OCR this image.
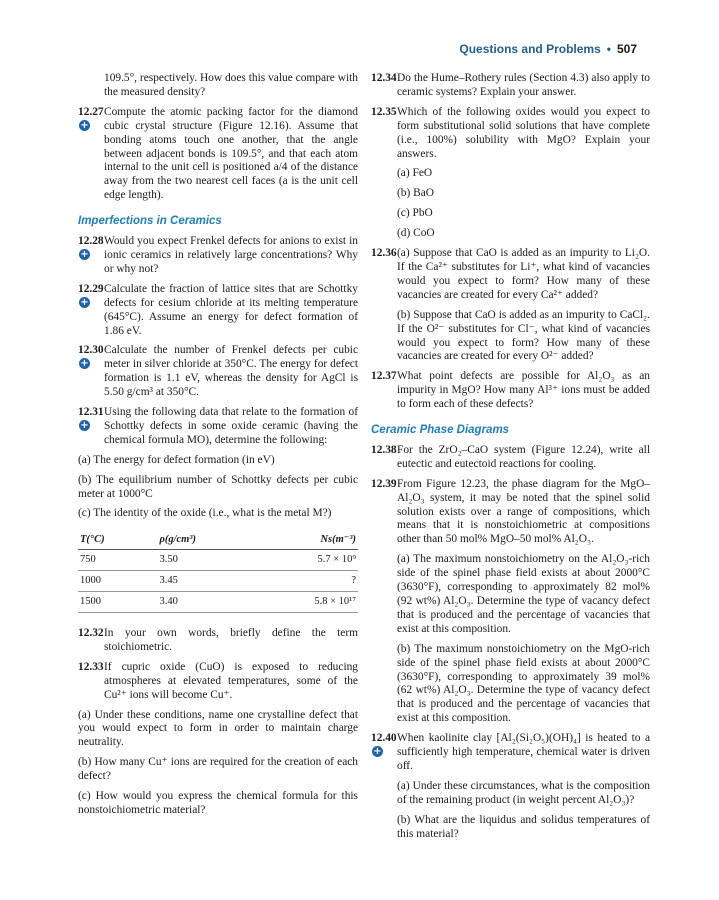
Questions and Problems • 507

109.5°, respectively. How does this value compare with the measured density?

12.27
+
Compute the atomic packing factor for the diamond cubic crystal structure (Figure 12.16). Assume that bonding atoms touch one another, that the angle between adjacent bonds is 109.5°, and that each atom internal to the unit cell is positioned a/4 of the distance away from the two nearest cell faces (a is the unit cell edge length).
Imperfections in Ceramics
12.28
+
Would you expect Frenkel defects for anions to exist in ionic ceramics in relatively large concentrations? Why or why not?
12.29
+
Calculate the fraction of lattice sites that are Schottky defects for cesium chloride at its melting temperature (645°C). Assume an energy for defect formation of 1.86 eV.
12.30
+
Calculate the number of Frenkel defects per cubic meter in silver chloride at 350°C. The energy for defect formation is 1.1 eV, whereas the density for AgCl is 5.50 g/cm³ at 350°C.
12.31
+
Using the following data that relate to the formation of Schottky defects in some oxide ceramic (having the chemical formula MO), determine the following:

(a) The energy for defect formation (in eV)

(b) The equilibrium number of Schottky defects per cubic meter at 1000°C

(c) The identity of the oxide (i.e., what is the metal M?)

T(°C)	ρ(g/cm³)	Ns(m⁻³)
750	3.50	5.7 × 10⁹
1000	3.45	?
1500	3.40	5.8 × 10¹⁷
12.32 In your own words, briefly define the term stoichiometric.
12.33 If cupric oxide (CuO) is exposed to reducing atmospheres at elevated temperatures, some of the Cu²⁺ ions will become Cu⁺.

(a) Under these conditions, name one crystalline defect that you would expect to form in order to maintain charge neutrality.

(b) How many Cu⁺ ions are required for the creation of each defect?

(c) How would you express the chemical formula for this nonstoichiometric material?

12.34 Do the Hume–Rothery rules (Section 4.3) also apply to ceramic systems? Explain your answer.
12.35 Which of the following oxides would you expect to form substitutional solid solutions that have complete (i.e., 100%) solubility with MgO? Explain your answers.
(a) FeO
(b) BaO
(c) PbO
(d) CoO
12.36 (a) Suppose that CaO is added as an impurity to Li₂O. If the Ca²⁺ substitutes for Li⁺, what kind of vacancies would you expect to form? How many of these vacancies are created for every Ca²⁺ added?

(b) Suppose that CaO is added as an impurity to CaCl₂. If the O²⁻ substitutes for Cl⁻, what kind of vacancies would you expect to form? How many of these vacancies are created for every O²⁻ added?

12.37 What point defects are possible for Al₂O₃ as an impurity in MgO? How many Al³⁺ ions must be added to form each of these defects?
Ceramic Phase Diagrams
12.38 For the ZrO₂–CaO system (Figure 12.24), write all eutectic and eutectoid reactions for cooling.
12.39 From Figure 12.23, the phase diagram for the MgO–Al₂O₃ system, it may be noted that the spinel solid solution exists over a range of compositions, which means that it is nonstoichiometric at compositions other than 50 mol% MgO–50 mol% Al₂O₃.

(a) The maximum nonstoichiometry on the Al₂O₃-rich side of the spinel phase field exists at about 2000°C (3630°F), corresponding to approximately 82 mol% (92 wt%) Al₂O₃. Determine the type of vacancy defect that is produced and the percentage of vacancies that exist at this composition.

(b) The maximum nonstoichiometry on the MgO-rich side of the spinel phase field exists at about 2000°C (3630°F), corresponding to approximately 39 mol% (62 wt%) Al₂O₃. Determine the type of vacancy defect that is produced and the percentage of vacancies that exist at this composition.

12.40
+
When kaolinite clay [Al₂(Si₂O₅)(OH)₄] is heated to a sufficiently high temperature, chemical water is driven off.

(a) Under these circumstances, what is the composition of the remaining product (in weight percent Al₂O₃)?

(b) What are the liquidus and solidus temperatures of this material?
